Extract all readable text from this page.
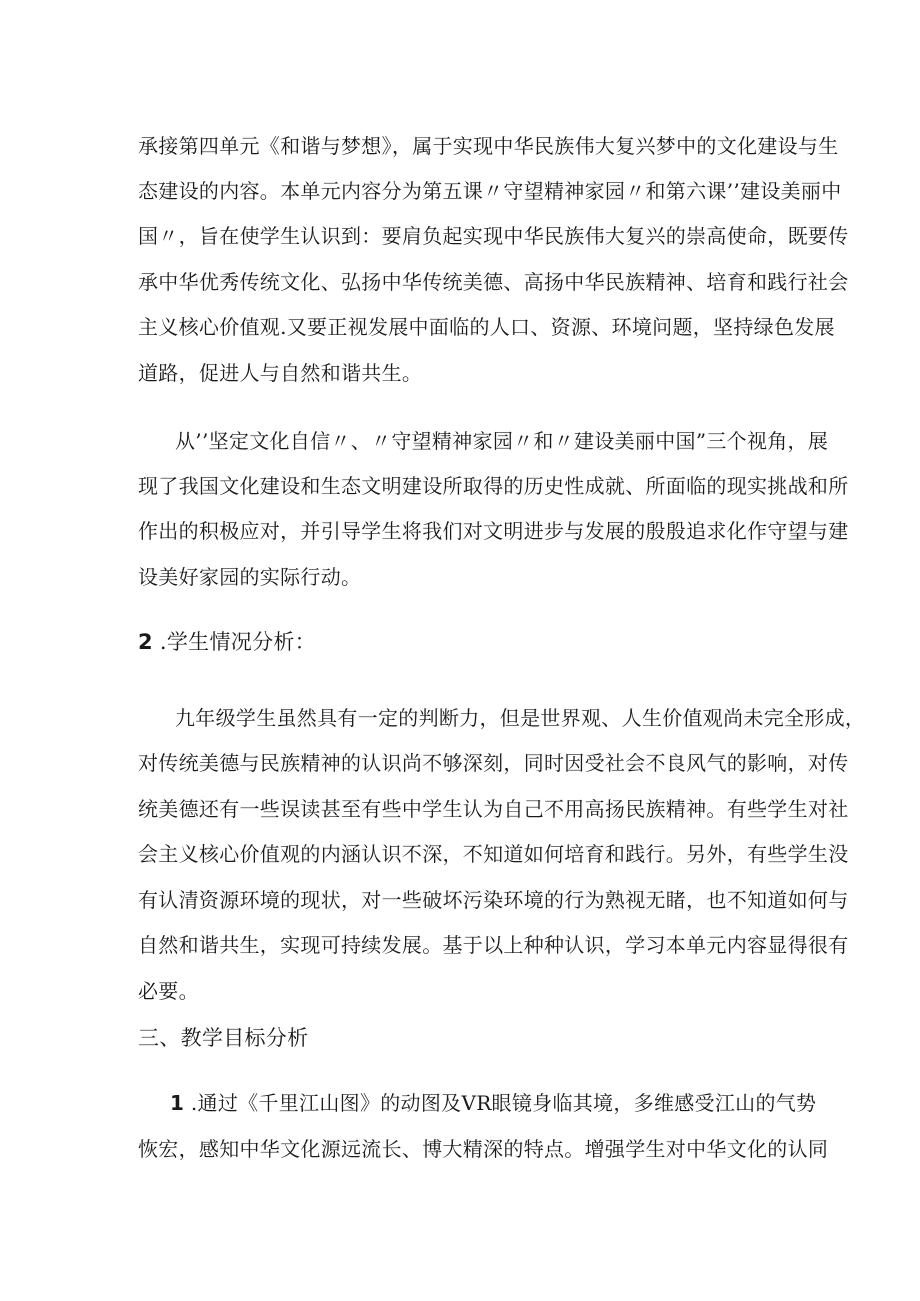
承接第四单元《和谐与梦想》，属于实现中华民族伟大复兴梦中的文化建设与生
态建设的内容。本单元内容分为第五课〃守望精神家园〃和第六课’’建设美丽中
国〃，旨在使学生认识到：要肩负起实现中华民族伟大复兴的崇高使命，既要传
承中华优秀传统文化、弘扬中华传统美德、高扬中华民族精神、培育和践行社会
主义核心价值观.又要正视发展中面临的人口、资源、环境问题，坚持绿色发展
道路，促进人与自然和谐共生。
从’’坚定文化自信〃、〃守望精神家园〃和〃建设美丽中国”三个视角，展
现了我国文化建设和生态文明建设所取得的历史性成就、所面临的现实挑战和所
作出的积极应对，并引导学生将我们对文明进步与发展的殷殷追求化作守望与建
设美好家园的实际行动。
2 .学生情况分析：
九年级学生虽然具有一定的判断力，但是世界观、人生价值观尚未完全形成，
对传统美德与民族精神的认识尚不够深刻，同时因受社会不良风气的影响，对传
统美德还有一些误读甚至有些中学生认为自己不用高扬民族精神。有些学生对社
会主义核心价值观的内涵认识不深，不知道如何培育和践行。另外，有些学生没
有认清资源环境的现状，对一些破坏污染环境的行为熟视无睹，也不知道如何与
自然和谐共生，实现可持续发展。基于以上种种认识，学习本单元内容显得很有
必要。
三、教学目标分析
1 .通过《千里江山图》的动图及VR眼镜身临其境，多维感受江山的气势
恢宏，感知中华文化源远流长、博大精深的特点。增强学生对中华文化的认同
